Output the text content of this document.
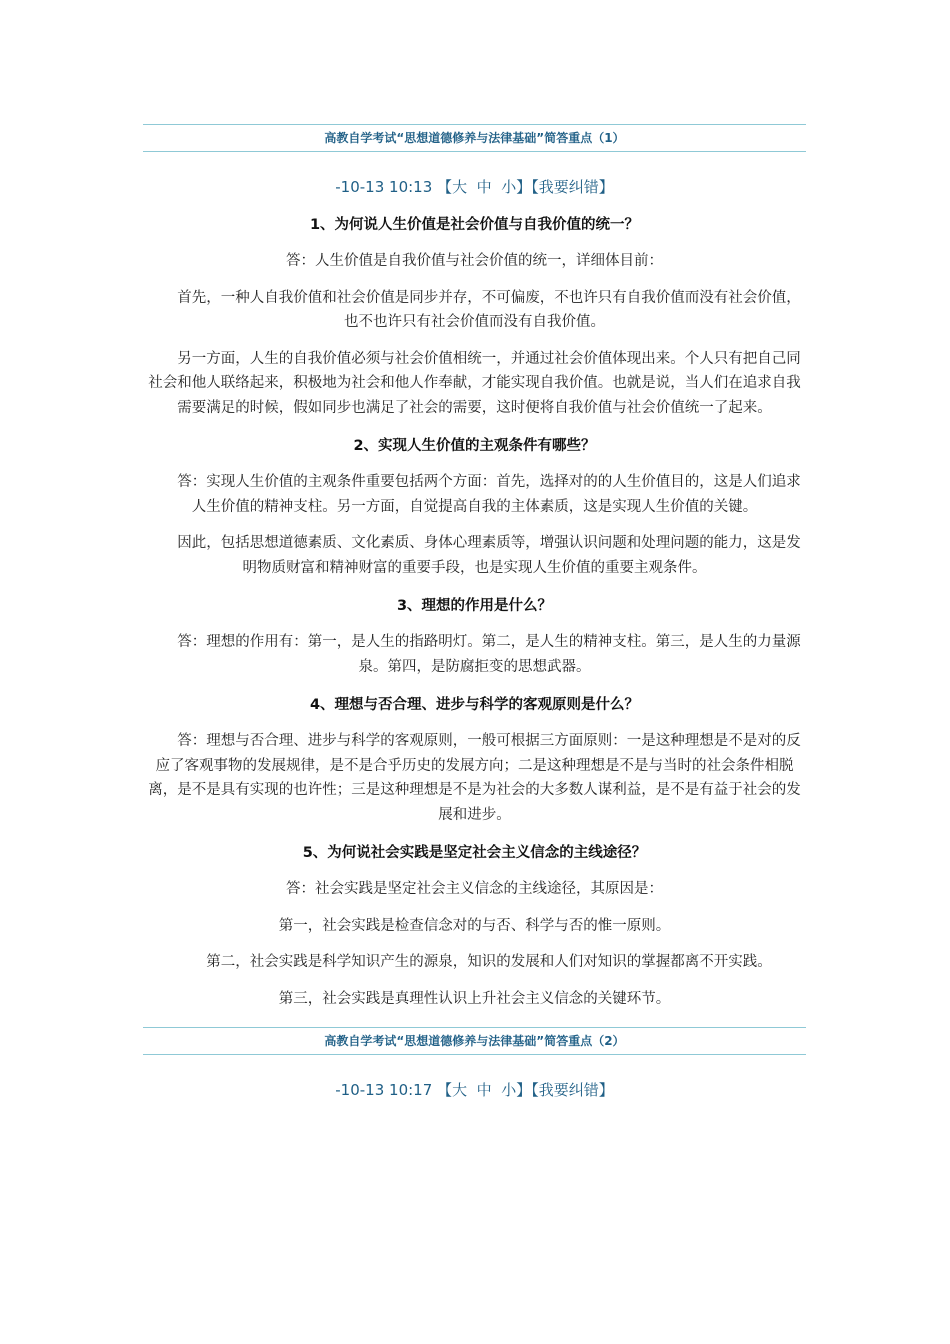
高教自学考试“思想道德修养与法律基础”简答重点（1）
-10-13 10:13 【大 中 小】【我要纠错】
1、为何说人生价值是社会价值与自我价值的统一？
答：人生价值是自我价值与社会价值的统一，详细体目前：
首先，一种人自我价值和社会价值是同步并存，不可偏废，不也许只有自我价值而没有社会价值，也不也许只有社会价值而没有自我价值。
另一方面，人生的自我价值必须与社会价值相统一，并通过社会价值体现出来。个人只有把自己同社会和他人联络起来，积极地为社会和他人作奉献，才能实现自我价值。也就是说，当人们在追求自我需要满足的时候，假如同步也满足了社会的需要，这时便将自我价值与社会价值统一了起来。
2、实现人生价值的主观条件有哪些？
答：实现人生价值的主观条件重要包括两个方面：首先，选择对的的人生价值目的，这是人们追求人生价值的精神支柱。另一方面，自觉提高自我的主体素质，这是实现人生价值的关键。
因此，包括思想道德素质、文化素质、身体心理素质等，增强认识问题和处理问题的能力，这是发明物质财富和精神财富的重要手段，也是实现人生价值的重要主观条件。
3、理想的作用是什么？
答：理想的作用有：第一，是人生的指路明灯。第二，是人生的精神支柱。第三，是人生的力量源泉。第四，是防腐拒变的思想武器。
4、理想与否合理、进步与科学的客观原则是什么？
答：理想与否合理、进步与科学的客观原则，一般可根据三方面原则：一是这种理想是不是对的反应了客观事物的发展规律，是不是合乎历史的发展方向；二是这种理想是不是与当时的社会条件相脱离，是不是具有实现的也许性；三是这种理想是不是为社会的大多数人谋利益，是不是有益于社会的发展和进步。
5、为何说社会实践是坚定社会主义信念的主线途径？
答：社会实践是坚定社会主义信念的主线途径，其原因是：
第一，社会实践是检查信念对的与否、科学与否的惟一原则。
第二，社会实践是科学知识产生的源泉，知识的发展和人们对知识的掌握都离不开实践。
第三，社会实践是真理性认识上升社会主义信念的关键环节。
高教自学考试“思想道德修养与法律基础”简答重点（2）
-10-13 10:17 【大 中 小】【我要纠错】
